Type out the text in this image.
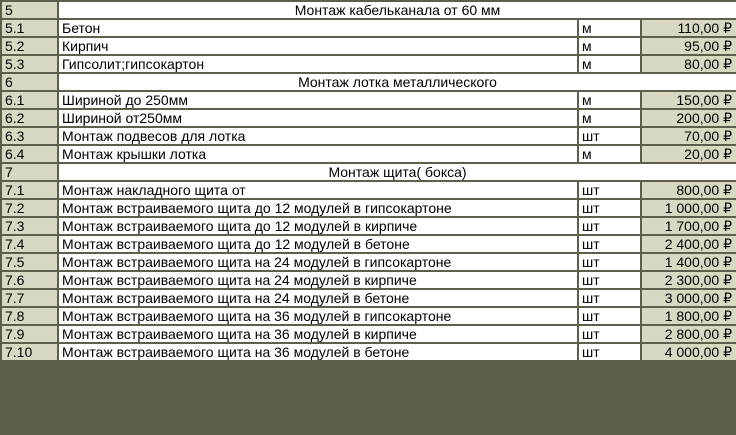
5	Монтаж кабельканала от 60 мм		
5.1	Бетон	м	110,00 ₽
5.2	Кирпич	м	95,00 ₽
5.3	Гипсолит;гипсокартон	м	80,00 ₽
6	Монтаж лотка металлического		
6.1	Шириной до 250мм	м	150,00 ₽
6.2	Шириной от250мм	м	200,00 ₽
6.3	Монтаж подвесов для лотка	шт	70,00 ₽
6.4	Монтаж крышки лотка	м	20,00 ₽
7	Монтаж щита( бокса)		
7.1	Монтаж накладного щита от	шт	800,00 ₽
7.2	Монтаж встраиваемого щита до 12 модулей в гипсокартоне	шт	1 000,00 ₽
7.3	Монтаж встраиваемого щита до 12 модулей в кирпиче	шт	1 700,00 ₽
7.4	Монтаж встраиваемого щита до 12 модулей в бетоне	шт	2 400,00 ₽
7.5	Монтаж встраиваемого щита на 24 модулей в гипсокартоне	шт	1 400,00 ₽
7.6	Монтаж встраиваемого щита на 24 модулей в кирпиче	шт	2 300,00 ₽
7.7	Монтаж встраиваемого щита на 24 модулей в бетоне	шт	3 000,00 ₽
7.8	Монтаж встраиваемого щита на 36 модулей в гипсокартоне	шт	1 800,00 ₽
7.9	Монтаж встраиваемого щита на 36 модулей в кирпиче	шт	2 800,00 ₽
7.10	Монтаж встраиваемого щита на 36 модулей в бетоне	шт	4 000,00 ₽
